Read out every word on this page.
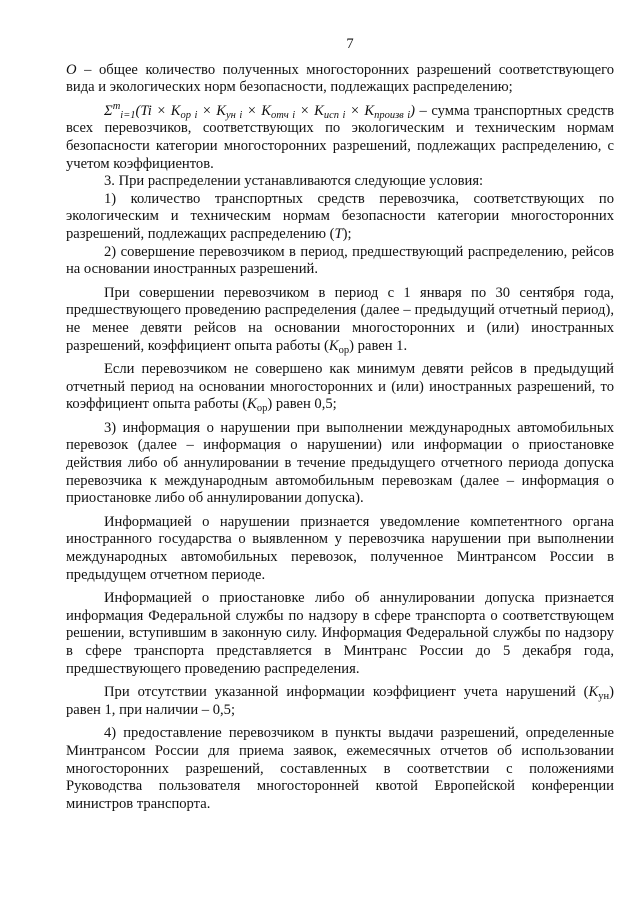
7

O – общее количество полученных многосторонних разрешений соответствующего вида и экологических норм безопасности, подлежащих распределению;

$\Sigma^m_{i=1}(Ti \times K_{ор i} \times K_{ун i} \times K_{отч i} \times K_{исп i} \times K_{произв i})$ – сумма транспортных средств всех перевозчиков, соответствующих по экологическим и техническим нормам безопасности категории многосторонних разрешений, подлежащих распределению, с учетом коэффициентов.

3. При распределении устанавливаются следующие условия:

1) количество транспортных средств перевозчика, соответствующих по экологическим и техническим нормам безопасности категории многосторонних разрешений, подлежащих распределению (T);

2) совершение перевозчиком в период, предшествующий распределению, рейсов на основании иностранных разрешений.

При совершении перевозчиком в период с 1 января по 30 сентября года, предшествующего проведению распределения (далее – предыдущий отчетный период), не менее девяти рейсов на основании многосторонних и (или) иностранных разрешений, коэффициент опыта работы $(K_{ор})$ равен 1.

Если перевозчиком не совершено как минимум девяти рейсов в предыдущий отчетный период на основании многосторонних и (или) иностранных разрешений, то коэффициент опыта работы $(K_{ор})$ равен 0,5;

3) информация о нарушении при выполнении международных автомобильных перевозок (далее – информация о нарушении) или информации о приостановке действия либо об аннулировании в течение предыдущего отчетного периода допуска перевозчика к международным автомобильным перевозкам (далее – информация о приостановке либо об аннулировании допуска).

Информацией о нарушении признается уведомление компетентного органа иностранного государства о выявленном у перевозчика нарушении при выполнении международных автомобильных перевозок, полученное Минтрансом России в предыдущем отчетном периоде.

Информацией о приостановке либо об аннулировании допуска признается информация Федеральной службы по надзору в сфере транспорта о соответствующем решении, вступившим в законную силу. Информация Федеральной службы по надзору в сфере транспорта представляется в Минтранс России до 5 декабря года, предшествующего проведению распределения.

При отсутствии указанной информации коэффициент учета нарушений $(K_{ун})$ равен 1, при наличии – 0,5;

4) предоставление перевозчиком в пункты выдачи разрешений, определенные Минтрансом России для приема заявок, ежемесячных отчетов об использовании многосторонних разрешений, составленных в соответствии с положениями Руководства пользователя многосторонней квотой Европейской конференции министров транспорта.
